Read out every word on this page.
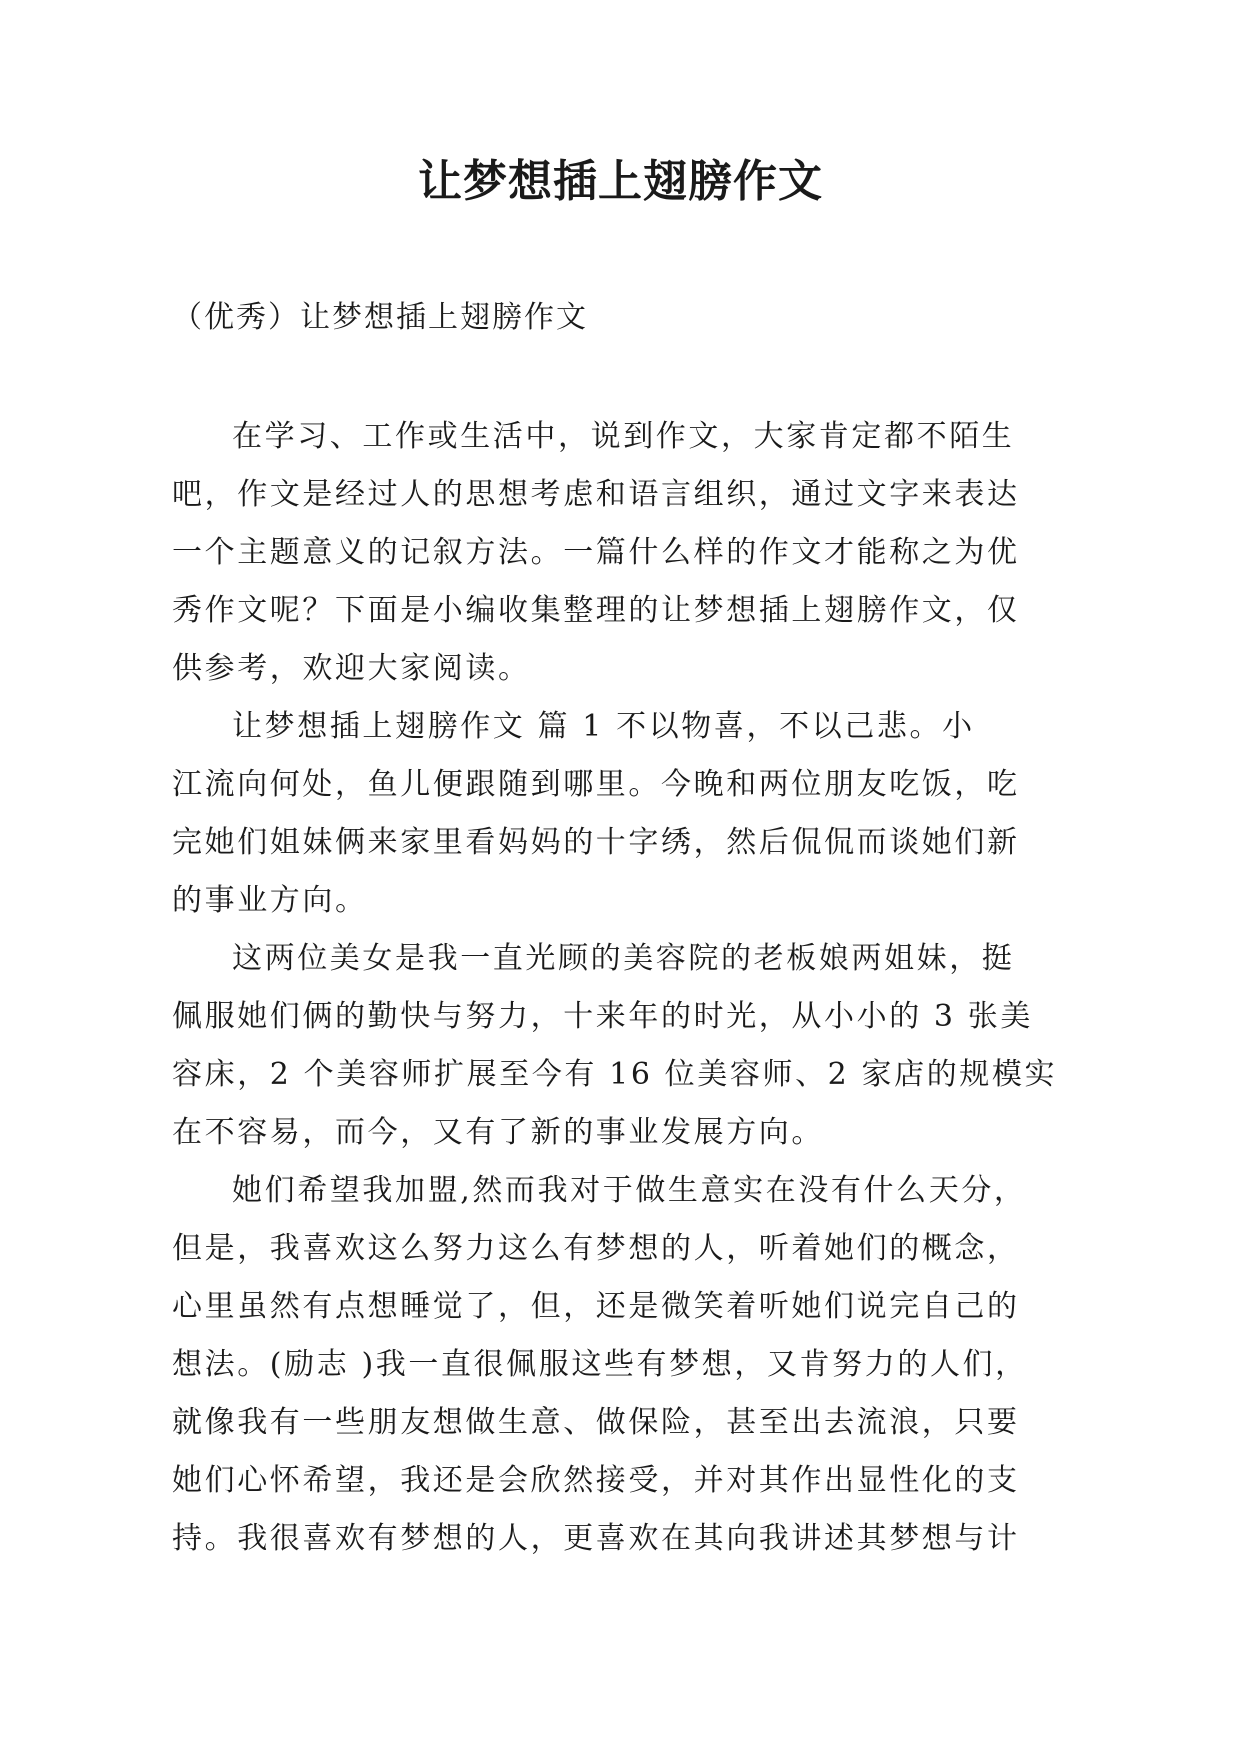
让梦想插上翅膀作文

（优秀）让梦想插上翅膀作文

在学习、工作或生活中，说到作文，大家肯定都不陌生

吧，作文是经过人的思想考虑和语言组织，通过文字来表达

一个主题意义的记叙方法。一篇什么样的作文才能称之为优

秀作文呢？下面是小编收集整理的让梦想插上翅膀作文，仅

供参考，欢迎大家阅读。

让梦想插上翅膀作文 篇 1 不以物喜，不以己悲。小

江流向何处，鱼儿便跟随到哪里。今晚和两位朋友吃饭，吃

完她们姐妹俩来家里看妈妈的十字绣，然后侃侃而谈她们新

的事业方向。

这两位美女是我一直光顾的美容院的老板娘两姐妹，挺

佩服她们俩的勤快与努力，十来年的时光，从小小的 3 张美

容床，2 个美容师扩展至今有 16 位美容师、2 家店的规模实

在不容易，而今，又有了新的事业发展方向。

她们希望我加盟,然而我对于做生意实在没有什么天分，

但是，我喜欢这么努力这么有梦想的人，听着她们的概念，

心里虽然有点想睡觉了，但，还是微笑着听她们说完自己的

想法。(励志 )我一直很佩服这些有梦想，又肯努力的人们，

就像我有一些朋友想做生意、做保险，甚至出去流浪，只要

她们心怀希望，我还是会欣然接受，并对其作出显性化的支

持。我很喜欢有梦想的人，更喜欢在其向我讲述其梦想与计
